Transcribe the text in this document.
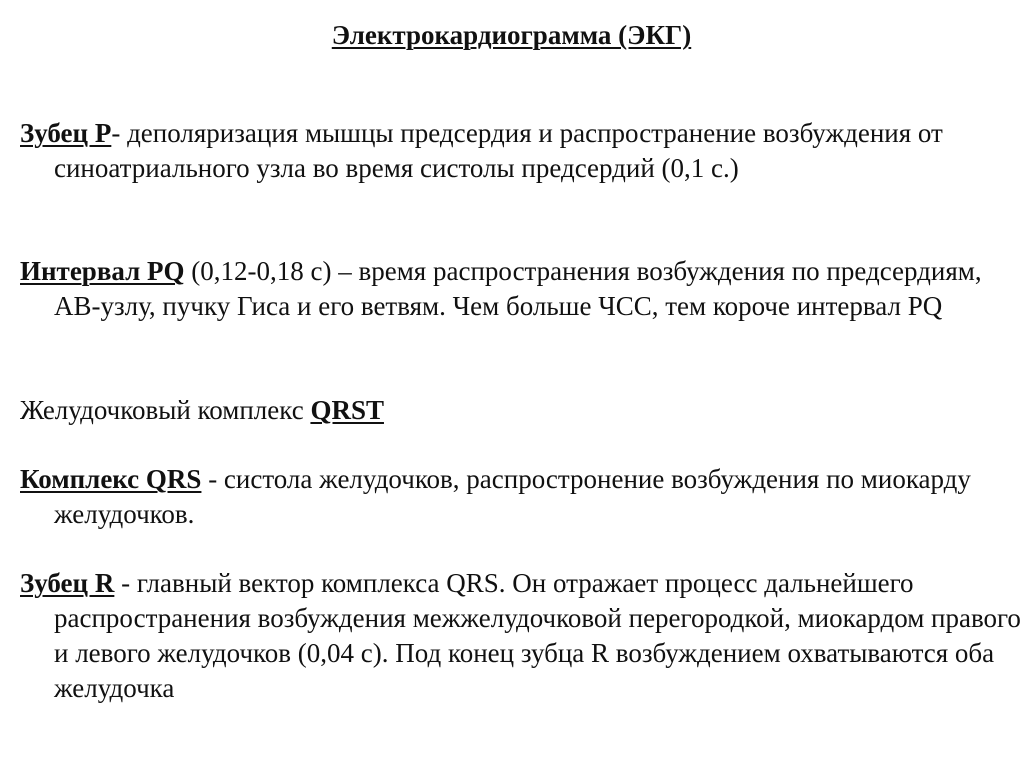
Электрокардиограмма (ЭКГ)

Зубец Р- деполяризация мышцы предсердия и распространение возбуждения от синоатриального узла во время систолы предсердий (0,1 с.)

Интервал PQ (0,12-0,18 с) – время распространения возбуждения по предсердиям, АВ-узлу, пучку Гиса и его ветвям. Чем больше ЧСС, тем короче интервал PQ

Желудочковый комплекс QRST

Комплекс QRS - систола желудочков, распростронение возбуждения по миокарду желудочков.

Зубец R - главный вектор комплекса QRS. Он отражает процесс дальнейшего распространения возбуждения межжелудочковой перегородкой, миокардом правого и левого желудочков (0,04 с). Под конец зубца R возбуждением охватываются оба желудочка
